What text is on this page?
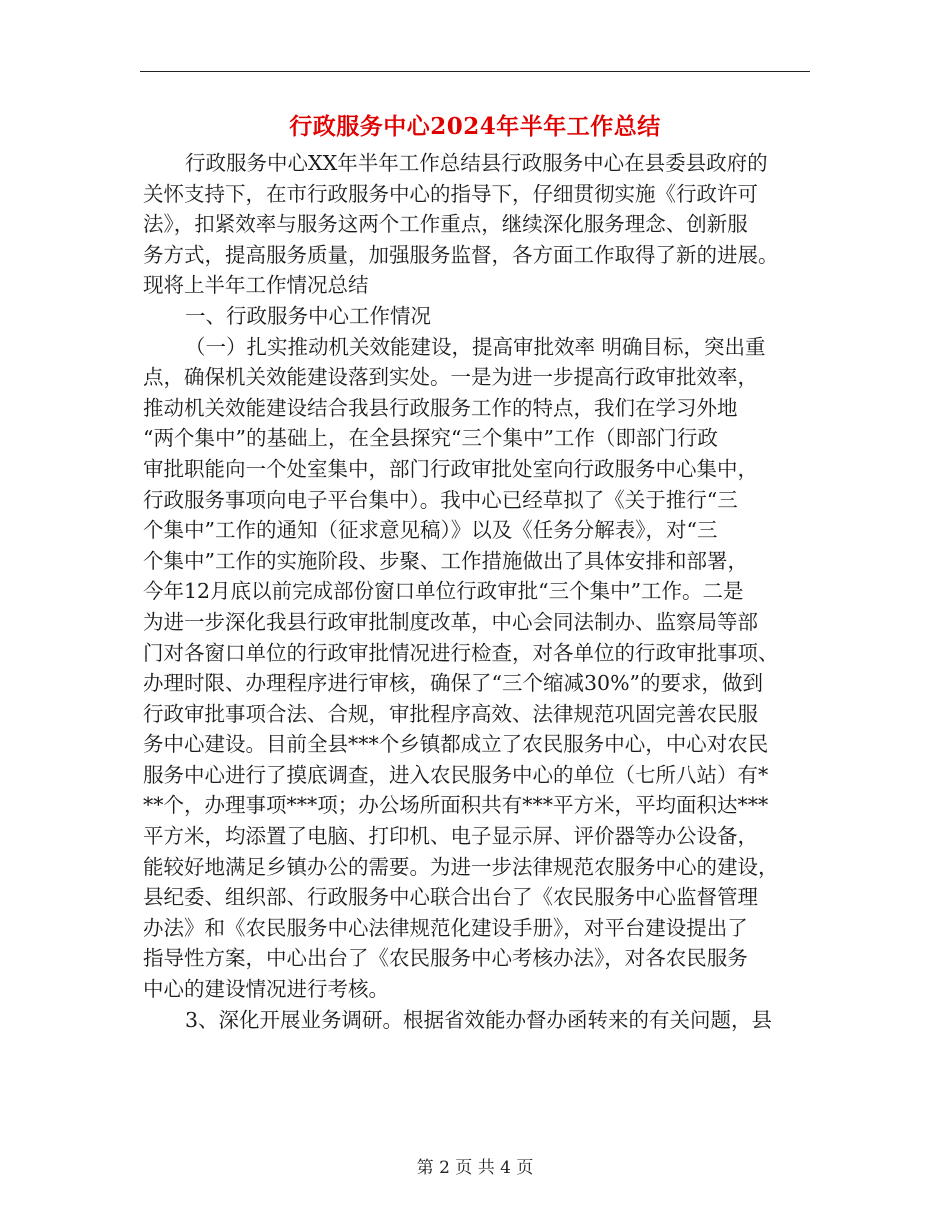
行政服务中心2024年半年工作总结
行政服务中心XX年半年工作总结县行政服务中心在县委县政府的
关怀支持下，在市行政服务中心的指导下，仔细贯彻实施《行政许可
法》，扣紧效率与服务这两个工作重点，继续深化服务理念、创新服
务方式，提高服务质量，加强服务监督，各方面工作取得了新的进展。
现将上半年工作情况总结
一、行政服务中心工作情况
（一）扎实推动机关效能建设，提高审批效率 明确目标，突出重
点，确保机关效能建设落到实处。一是为进一步提高行政审批效率，
推动机关效能建设结合我县行政服务工作的特点，我们在学习外地
“两个集中”的基础上，在全县探究“三个集中”工作（即部门行政
审批职能向一个处室集中，部门行政审批处室向行政服务中心集中，
行政服务事项向电子平台集中）。我中心已经草拟了《关于推行“三
个集中”工作的通知（征求意见稿）》以及《任务分解表》，对“三
个集中”工作的实施阶段、步聚、工作措施做出了具体安排和部署，
今年12月底以前完成部份窗口单位行政审批“三个集中”工作。二是
为进一步深化我县行政审批制度改革，中心会同法制办、监察局等部
门对各窗口单位的行政审批情况进行检查，对各单位的行政审批事项、
办理时限、办理程序进行审核，确保了“三个缩减30%”的要求，做到
行政审批事项合法、合规，审批程序高效、法律规范巩固完善农民服
务中心建设。目前全县***个乡镇都成立了农民服务中心，中心对农民
服务中心进行了摸底调查，进入农民服务中心的单位（七所八站）有*
**个，办理事项***项；办公场所面积共有***平方米，平均面积达***
平方米，均添置了电脑、打印机、电子显示屏、评价器等办公设备，
能较好地满足乡镇办公的需要。为进一步法律规范农服务中心的建设，
县纪委、组织部、行政服务中心联合出台了《农民服务中心监督管理
办法》和《农民服务中心法律规范化建设手册》，对平台建设提出了
指导性方案，中心出台了《农民服务中心考核办法》，对各农民服务
中心的建设情况进行考核。
3、深化开展业务调研。根据省效能办督办函转来的有关问题，县
第 2 页 共 4 页
